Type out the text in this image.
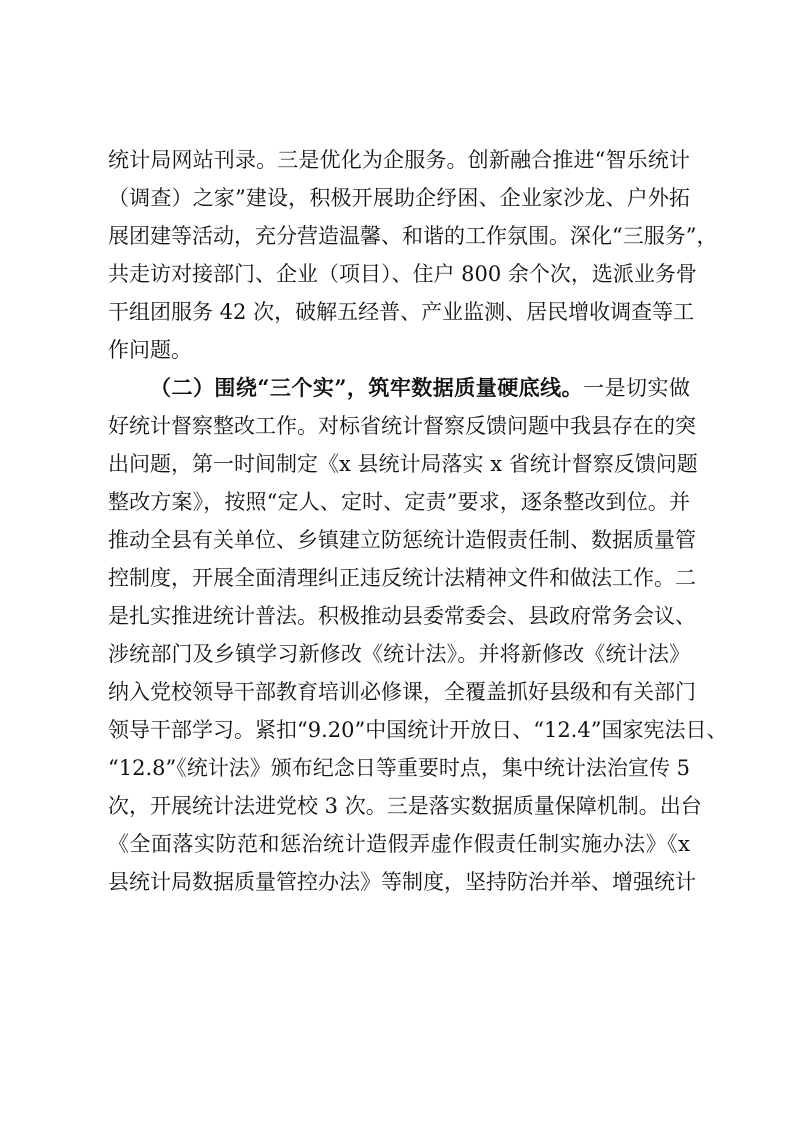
统计局网站刊录。三是优化为企服务。创新融合推进“智乐统计
（调查）之家”建设，积极开展助企纾困、企业家沙龙、户外拓
展团建等活动，充分营造温馨、和谐的工作氛围。深化“三服务”，
共走访对接部门、企业（项目）、住户 800 余个次，选派业务骨
干组团服务 42 次，破解五经普、产业监测、居民增收调查等工
作问题。
（二）围绕“三个实”，筑牢数据质量硬底线。一是切实做
好统计督察整改工作。对标省统计督察反馈问题中我县存在的突
出问题，第一时间制定《x 县统计局落实 x 省统计督察反馈问题
整改方案》，按照“定人、定时、定责”要求，逐条整改到位。并
推动全县有关单位、乡镇建立防惩统计造假责任制、数据质量管
控制度，开展全面清理纠正违反统计法精神文件和做法工作。二
是扎实推进统计普法。积极推动县委常委会、县政府常务会议、
涉统部门及乡镇学习新修改《统计法》。并将新修改《统计法》
纳入党校领导干部教育培训必修课，全覆盖抓好县级和有关部门
领导干部学习。紧扣“9.20”中国统计开放日、“12.4”国家宪法日、
“12.8”《统计法》颁布纪念日等重要时点，集中统计法治宣传 5
次，开展统计法进党校 3 次。三是落实数据质量保障机制。出台
《全面落实防范和惩治统计造假弄虚作假责任制实施办法》《x
县统计局数据质量管控办法》等制度，坚持防治并举、增强统计
